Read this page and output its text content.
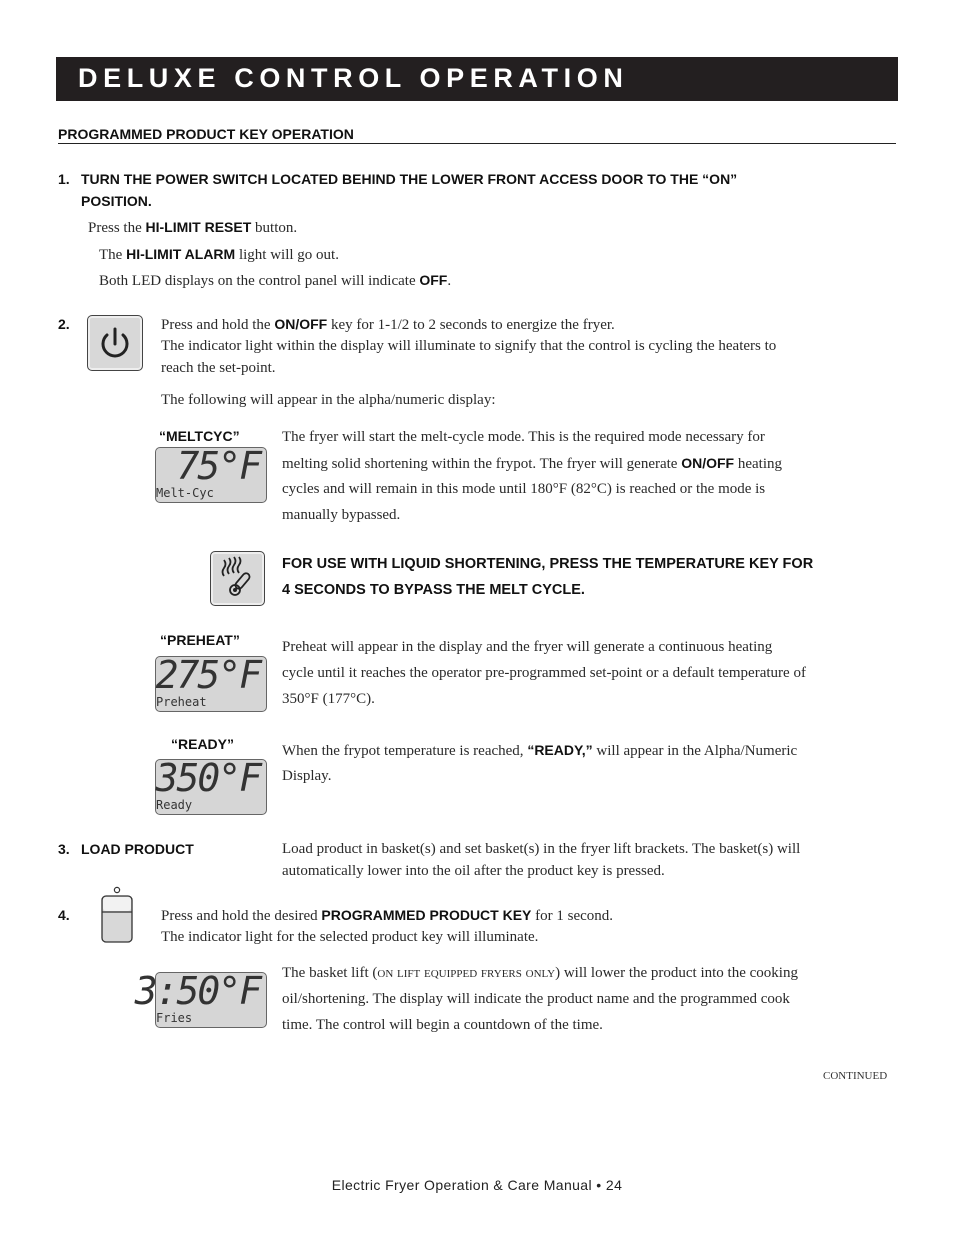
DELUXE CONTROL OPERATION
PROGRAMMED PRODUCT KEY OPERATION
1. TURN THE POWER SWITCH LOCATED BEHIND THE LOWER FRONT ACCESS DOOR TO THE “ON”
POSITION.
Press the HI-LIMIT RESET button.
The HI-LIMIT ALARM light will go out.
Both LED displays on the control panel will indicate OFF.
2.	Press and hold the ON/OFF key for 1-1/2 to 2 seconds to energize the fryer.
The indicator light within the display will illuminate to signify that the control is cycling the heaters to
reach the set-point.
The following will appear in the alpha/numeric display:
“MELTCYC”
75°F
Melt-Cyc
The fryer will start the melt-cycle mode. This is the required mode necessary for
melting solid shortening within the frypot. The fryer will generate ON/OFF heating
cycles and will remain in this mode until 180°F (82°C) is reached or the mode is
manually bypassed.
FOR USE WITH LIQUID SHORTENING, PRESS THE TEMPERATURE KEY FOR
4 SECONDS TO BYPASS THE MELT CYCLE.
“PREHEAT”
275°F
Preheat
Preheat will appear in the display and the fryer will generate a continuous heating
cycle until it reaches the operator pre-programmed set-point or a default temperature of
350°F (177°C).
“READY”
350°F
Ready
When the frypot temperature is reached, “READY,” will appear in the Alpha/Numeric
Display.
3. LOAD PRODUCT	Load product in basket(s) and set basket(s) in the fryer lift brackets. The basket(s) will
automatically lower into the oil after the product key is pressed.
4.	Press and hold the desired PROGRAMMED PRODUCT KEY for 1 second.
The indicator light for the selected product key will illuminate.
3:50°F
Fries
The basket lift (on lift equipped fryers only) will lower the product into the cooking
oil/shortening. The display will indicate the product name and the programmed cook
time. The control will begin a countdown of the time.
CONTINUED
Electric Fryer Operation & Care Manual • 24
